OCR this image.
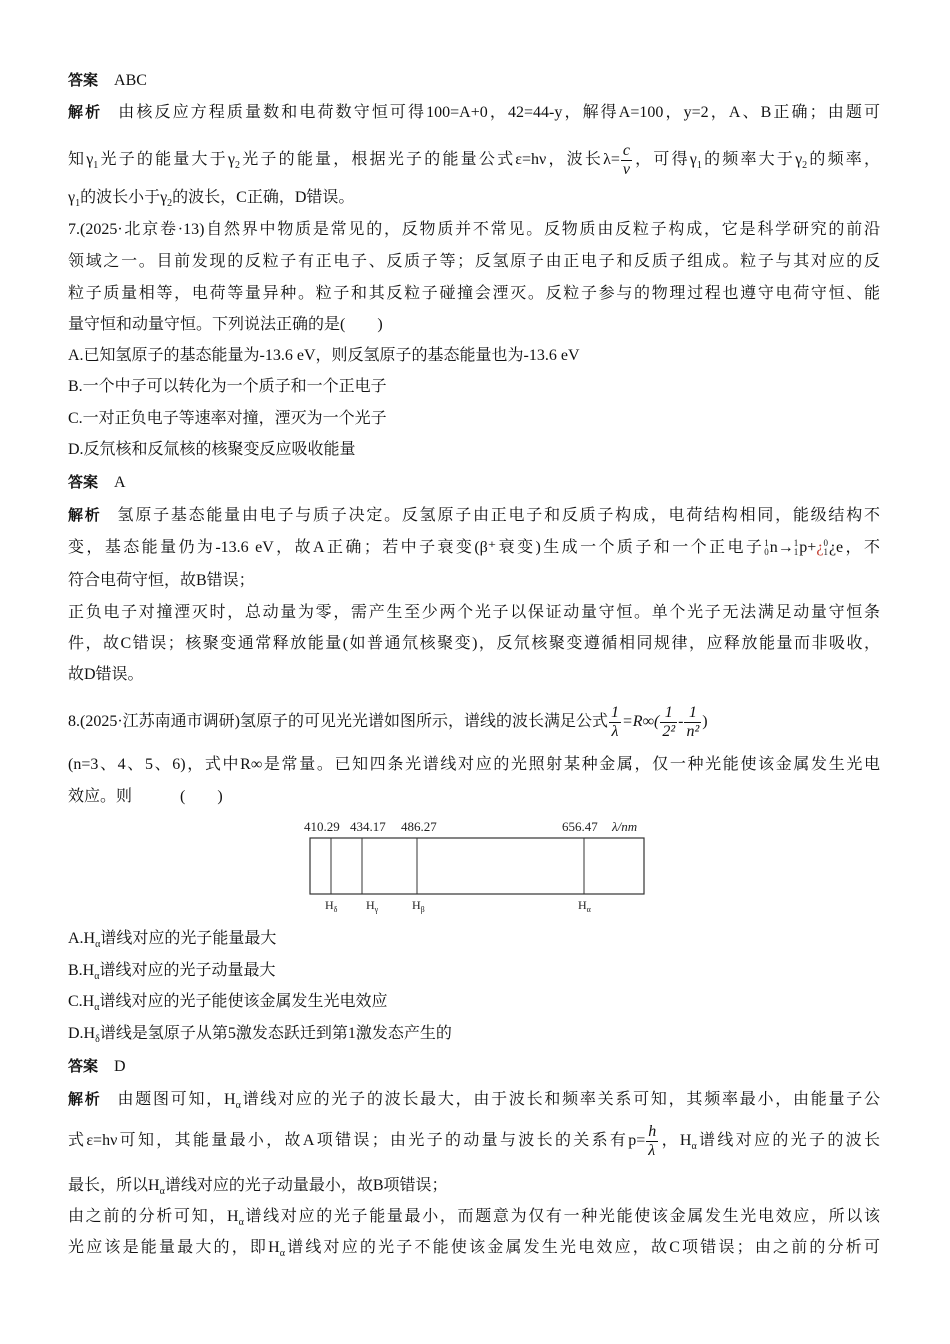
答案 ABC
解析 由核反应方程质量数和电荷数守恒可得100=A+0，42=44-y，解得A=100，y=2，A、B正确；由题可
知$\gamma_1$光子的能量大于$\gamma_2$光子的能量，根据光子的能量公式ε=hν，波长$\lambda= \frac{c}{\nu}$ ，可得$\gamma_1$的频率大于$\gamma_2$的频率，
$\gamma_1$的波长小于$\gamma_2$的波长，C正确，D错误。
7.(2025·北京卷·13)自然界中物质是常见的，反物质并不常见。反物质由反粒子构成，它是科学研究的前沿
领域之一。目前发现的反粒子有正电子、反质子等；反氢原子由正电子和反质子组成。粒子与其对应的反
粒子质量相等，电荷等量异种。粒子和其反粒子碰撞会湮灭。反粒子参与的物理过程也遵守电荷守恒、能
量守恒和动量守恒。下列说法正确的是(　　)
A.已知氢原子的基态能量为-13.6 eV，则反氢原子的基态能量也为-13.6 eV
B.一个中子可以转化为一个质子和一个正电子
C.一对正负电子等速率对撞，湮灭为一个光子
D.反氘核和反氚核的核聚变反应吸收能量
答案 A
解析 氢原子基态能量由电子与质子决定。反氢原子由正电子和反质子构成，电荷结构相同，能级结构不
变，基态能量仍为-13.6 eV，故A正确；若中子衰变(β⁺衰变)生成一个质子和一个正电子 1
0 n→ 1
1 p+¿ 0
1 ¿e，不
符合电荷守恒，故B错误；
正负电子对撞湮灭时，总动量为零，需产生至少两个光子以保证动量守恒。单个光子无法满足动量守恒条
件，故C错误；核聚变通常释放能量(如普通氘核聚变)，反氘核聚变遵循相同规律，应释放能量而非吸收，
故D错误。
8.(2025·江苏南通市调研)氢原子的可见光光谱如图所示，谱线的波长满足公式 $\frac{1}{\lambda} =R\infty( \frac{1}{\text{2²}} - \frac{1}{\text{n²}}$ )
(n=3、4、5、6)，式中R∞是常量。已知四条光谱线对应的光照射某种金属，仅一种光能使该金属发生光电
效应。则　　　(　　)
410.29 434.17 486.27	656.47 λ/nm
$H_\delta$ $H_\gamma$	$H_\beta$	$H_\alpha$
$A.H_\alpha$谱线对应的光子能量最大
$B.H_\alpha$谱线对应的光子动量最大
$C.H_\alpha$谱线对应的光子能使该金属发生光电效应
$D.H_\delta$谱线是氢原子从第5激发态跃迁到第1激发态产生的
答案 D
解析 由题图可知，$H_\alpha$谱线对应的光子的波长最大，由于波长和频率关系可知，其频率最小，由能量子公
式ε=hν可知，其能量最小，故A项错误；由光子的动量与波长的关系有$p= \frac{h}{\lambda}$ ，$H_\alpha$谱线对应的光子的波长
最长，所以$H_\alpha$谱线对应的光子动量最小，故B项错误；
由之前的分析可知，$H_\alpha$谱线对应的光子能量最小，而题意为仅有一种光能使该金属发生光电效应，所以该
光应该是能量最大的，即$H_\alpha$谱线对应的光子不能使该金属发生光电效应，故C项错误；由之前的分析可
